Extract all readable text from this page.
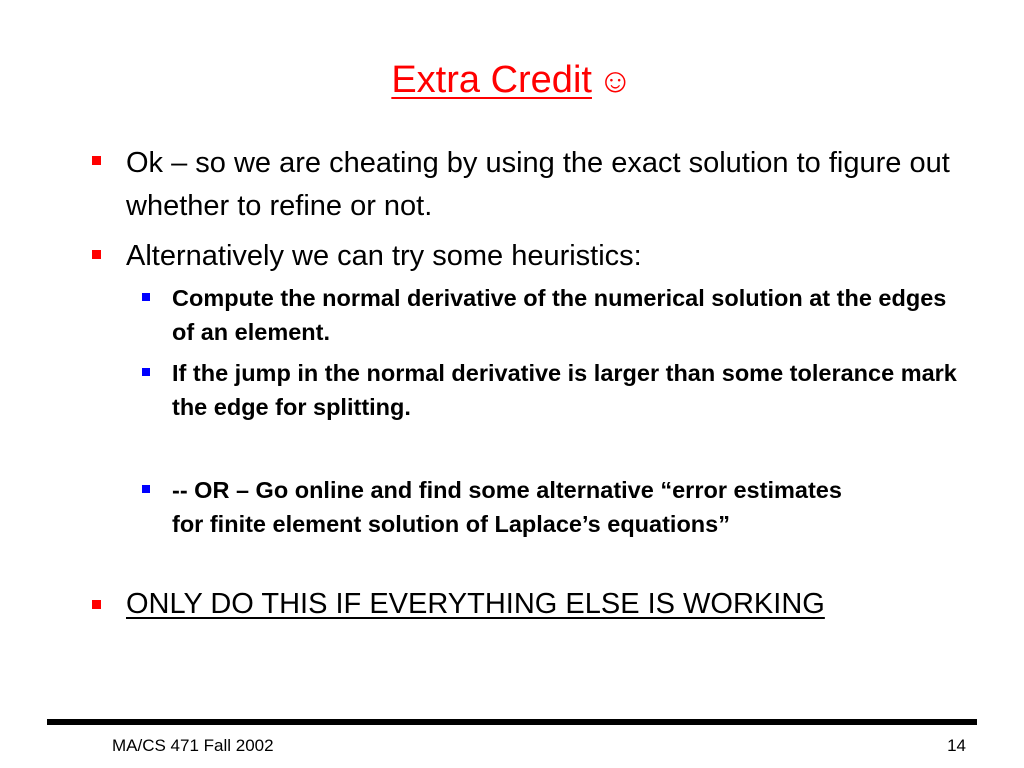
Extra Credit ☺
Ok – so we are cheating by using the exact solution to figure out whether to refine or not.
Alternatively we can try some heuristics:
Compute the normal derivative of the numerical solution at the edges of an element.
If the jump in the normal derivative is larger than some tolerance mark the edge for splitting.
-- OR – Go online and find some alternative “error estimates for finite element solution of Laplace’s equations”
ONLY DO THIS IF EVERYTHING ELSE IS WORKING
MA/CS 471 Fall 2002	14
